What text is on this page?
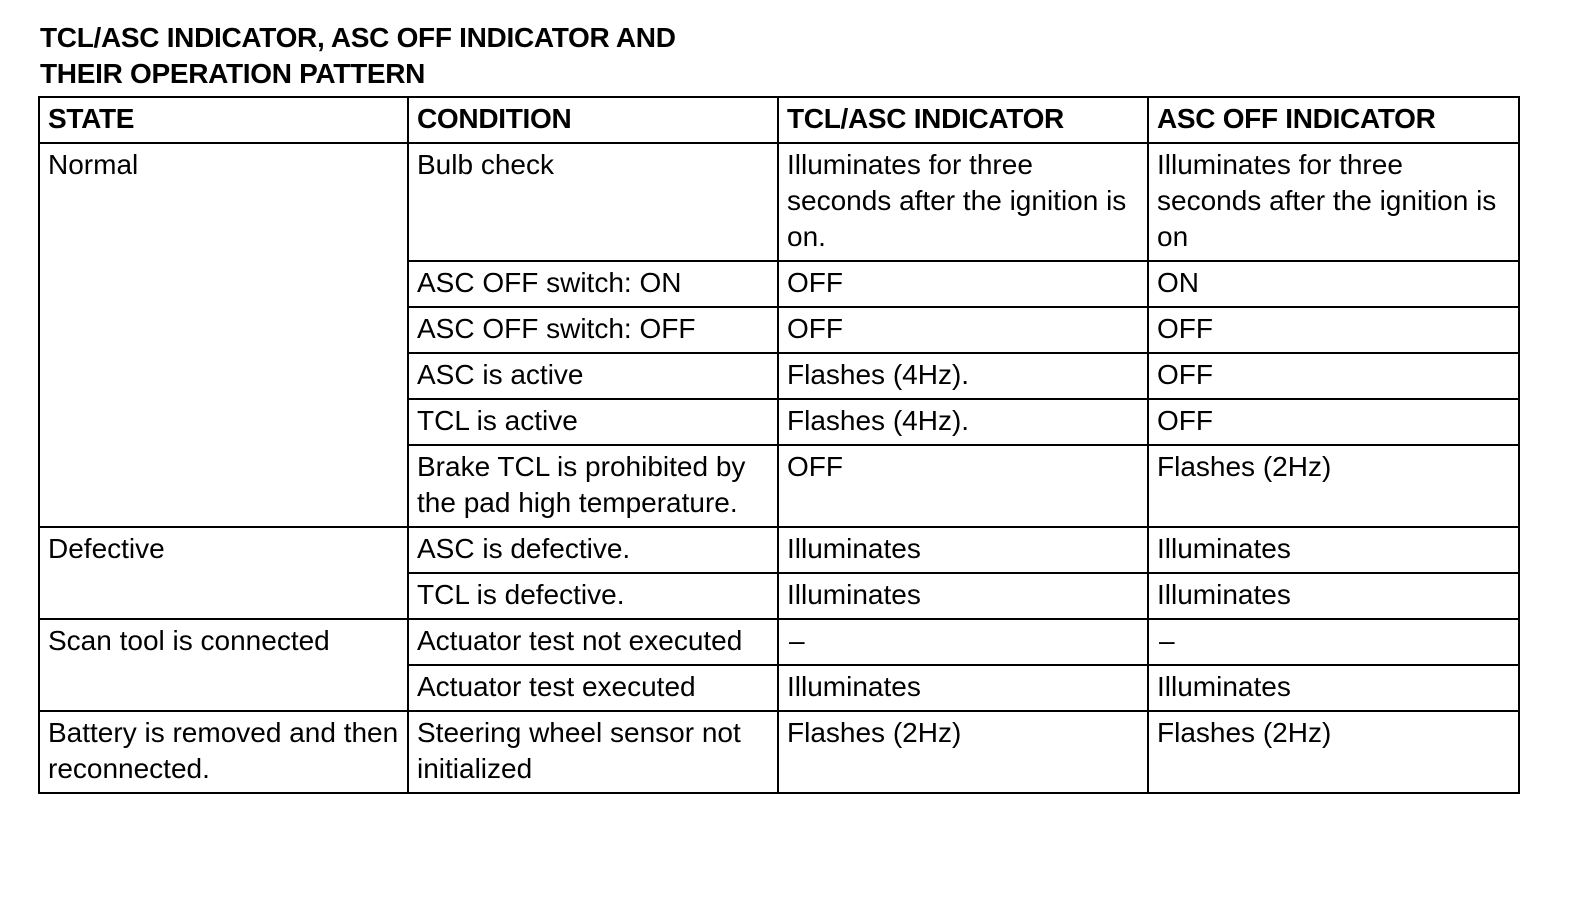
TCL/ASC INDICATOR, ASC OFF INDICATOR AND
THEIR OPERATION PATTERN
STATE	CONDITION	TCL/ASC INDICATOR	ASC OFF INDICATOR
Normal	Bulb check	Illuminates for three seconds after the ignition is on.	Illuminates for three seconds after the ignition is on
	ASC OFF switch: ON	OFF	ON
	ASC OFF switch: OFF	OFF	OFF
	ASC is active	Flashes (4Hz).	OFF
	TCL is active	Flashes (4Hz).	OFF
	Brake TCL is prohibited by the pad high temperature.	OFF	Flashes (2Hz)
Defective	ASC is defective.	Illuminates	Illuminates
	TCL is defective.	Illuminates	Illuminates
Scan tool is connected	Actuator test not executed	–	–
	Actuator test executed	Illuminates	Illuminates
Battery is removed and then reconnected.	Steering wheel sensor not initialized	Flashes (2Hz)	Flashes (2Hz)
